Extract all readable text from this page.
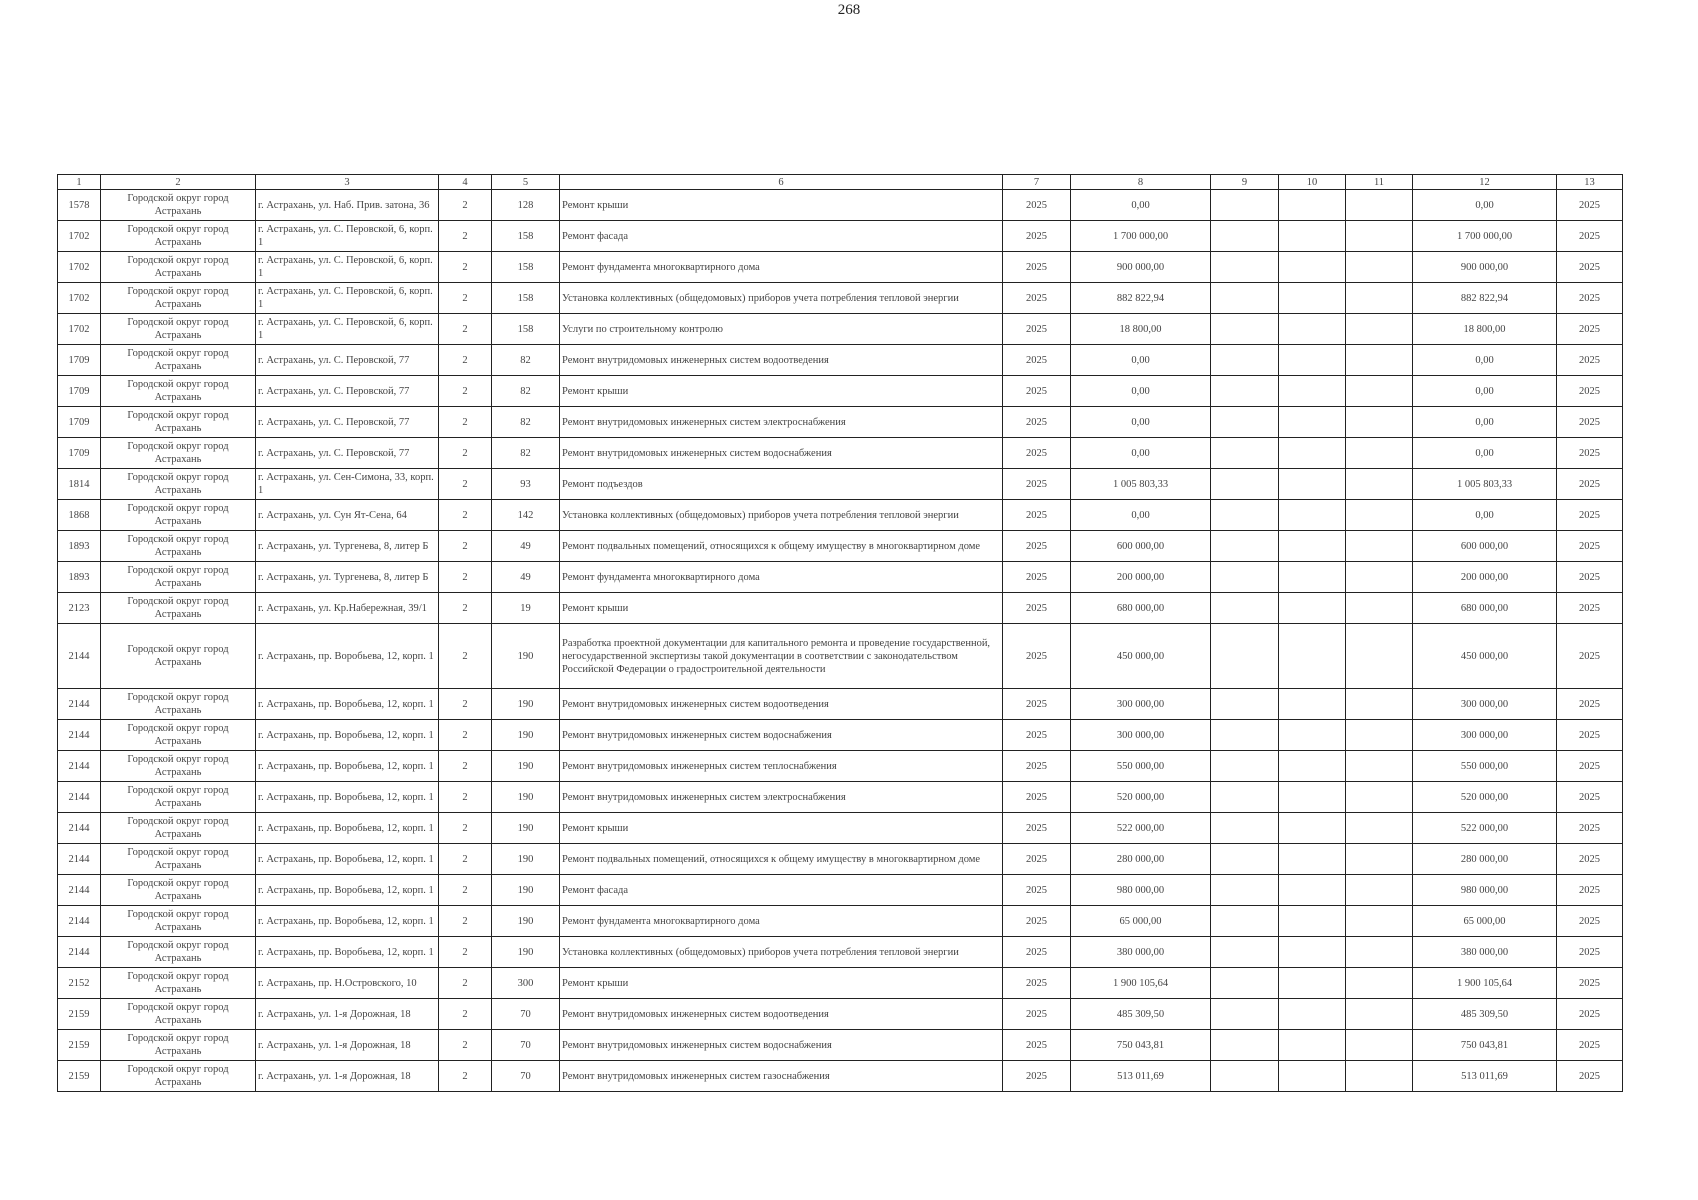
268
1	2	3	4	5	6	7	8	9	10	11	12	13
1578	Городской округ город Астрахань	г. Астрахань, ул. Наб. Прив. затона, 36	2	128	Ремонт крыши	2025	0,00				0,00	2025
1702	Городской округ город Астрахань	г. Астрахань, ул. С. Перовской, 6, корп. 1	2	158	Ремонт фасада	2025	1 700 000,00				1 700 000,00	2025
1702	Городской округ город Астрахань	г. Астрахань, ул. С. Перовской, 6, корп. 1	2	158	Ремонт фундамента многоквартирного дома	2025	900 000,00				900 000,00	2025
1702	Городской округ город Астрахань	г. Астрахань, ул. С. Перовской, 6, корп. 1	2	158	Установка коллективных (общедомовых) приборов учета потребления тепловой энергии	2025	882 822,94				882 822,94	2025
1702	Городской округ город Астрахань	г. Астрахань, ул. С. Перовской, 6, корп. 1	2	158	Услуги по строительному контролю	2025	18 800,00				18 800,00	2025
1709	Городской округ город Астрахань	г. Астрахань, ул. С. Перовской, 77	2	82	Ремонт внутридомовых инженерных систем водоотведения	2025	0,00				0,00	2025
1709	Городской округ город Астрахань	г. Астрахань, ул. С. Перовской, 77	2	82	Ремонт крыши	2025	0,00				0,00	2025
1709	Городской округ город Астрахань	г. Астрахань, ул. С. Перовской, 77	2	82	Ремонт внутридомовых инженерных систем электроснабжения	2025	0,00				0,00	2025
1709	Городской округ город Астрахань	г. Астрахань, ул. С. Перовской, 77	2	82	Ремонт внутридомовых инженерных систем водоснабжения	2025	0,00				0,00	2025
1814	Городской округ город Астрахань	г. Астрахань, ул. Сен-Симона, 33, корп. 1	2	93	Ремонт подъездов	2025	1 005 803,33				1 005 803,33	2025
1868	Городской округ город Астрахань	г. Астрахань, ул. Сун Ят-Сена, 64	2	142	Установка коллективных (общедомовых) приборов учета потребления тепловой энергии	2025	0,00				0,00	2025
1893	Городской округ город Астрахань	г. Астрахань, ул. Тургенева, 8, литер Б	2	49	Ремонт подвальных помещений, относящихся к общему имуществу в многоквартирном доме	2025	600 000,00				600 000,00	2025
1893	Городской округ город Астрахань	г. Астрахань, ул. Тургенева, 8, литер Б	2	49	Ремонт фундамента многоквартирного дома	2025	200 000,00				200 000,00	2025
2123	Городской округ город Астрахань	г. Астрахань, ул. Кр.Набережная, 39/1	2	19	Ремонт крыши	2025	680 000,00				680 000,00	2025
2144	Городской округ город Астрахань	г. Астрахань, пр. Воробьева, 12, корп. 1	2	190	Разработка проектной документации для капитального ремонта и проведение государственной, негосударственной экспертизы такой документации в соответствии с законодательством Российской Федерации о градостроительной деятельности	2025	450 000,00				450 000,00	2025
2144	Городской округ город Астрахань	г. Астрахань, пр. Воробьева, 12, корп. 1	2	190	Ремонт внутридомовых инженерных систем водоотведения	2025	300 000,00				300 000,00	2025
2144	Городской округ город Астрахань	г. Астрахань, пр. Воробьева, 12, корп. 1	2	190	Ремонт внутридомовых инженерных систем водоснабжения	2025	300 000,00				300 000,00	2025
2144	Городской округ город Астрахань	г. Астрахань, пр. Воробьева, 12, корп. 1	2	190	Ремонт внутридомовых инженерных систем теплоснабжения	2025	550 000,00				550 000,00	2025
2144	Городской округ город Астрахань	г. Астрахань, пр. Воробьева, 12, корп. 1	2	190	Ремонт внутридомовых инженерных систем электроснабжения	2025	520 000,00				520 000,00	2025
2144	Городской округ город Астрахань	г. Астрахань, пр. Воробьева, 12, корп. 1	2	190	Ремонт крыши	2025	522 000,00				522 000,00	2025
2144	Городской округ город Астрахань	г. Астрахань, пр. Воробьева, 12, корп. 1	2	190	Ремонт подвальных помещений, относящихся к общему имуществу в многоквартирном доме	2025	280 000,00				280 000,00	2025
2144	Городской округ город Астрахань	г. Астрахань, пр. Воробьева, 12, корп. 1	2	190	Ремонт фасада	2025	980 000,00				980 000,00	2025
2144	Городской округ город Астрахань	г. Астрахань, пр. Воробьева, 12, корп. 1	2	190	Ремонт фундамента многоквартирного дома	2025	65 000,00				65 000,00	2025
2144	Городской округ город Астрахань	г. Астрахань, пр. Воробьева, 12, корп. 1	2	190	Установка коллективных (общедомовых) приборов учета потребления тепловой энергии	2025	380 000,00				380 000,00	2025
2152	Городской округ город Астрахань	г. Астрахань, пр. Н.Островского, 10	2	300	Ремонт крыши	2025	1 900 105,64				1 900 105,64	2025
2159	Городской округ город Астрахань	г. Астрахань, ул. 1-я Дорожная, 18	2	70	Ремонт внутридомовых инженерных систем водоотведения	2025	485 309,50				485 309,50	2025
2159	Городской округ город Астрахань	г. Астрахань, ул. 1-я Дорожная, 18	2	70	Ремонт внутридомовых инженерных систем водоснабжения	2025	750 043,81				750 043,81	2025
2159	Городской округ город Астрахань	г. Астрахань, ул. 1-я Дорожная, 18	2	70	Ремонт внутридомовых инженерных систем газоснабжения	2025	513 011,69				513 011,69	2025
